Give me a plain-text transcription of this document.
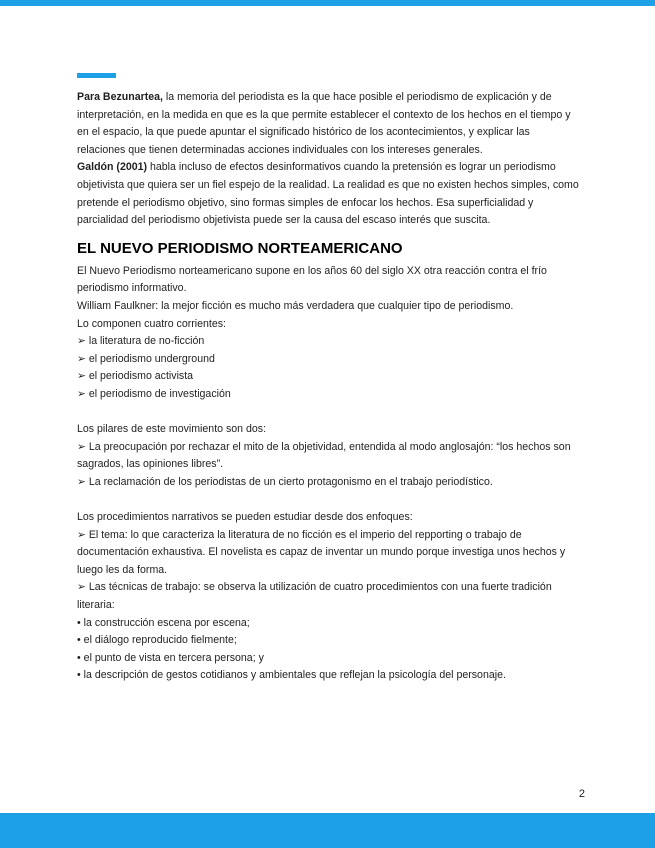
Para Bezunartea, la memoria del periodista es la que hace posible el periodismo de explicación y de interpretación, en la medida en que es la que permite establecer el contexto de los hechos en el tiempo y en el espacio, la que puede apuntar el significado histórico de los acontecimientos, y explicar las relaciones que tienen determinadas acciones individuales con los intereses generales.

Galdón (2001) habla incluso de efectos desinformativos cuando la pretensión es lograr un periodismo objetivista que quiera ser un fiel espejo de la realidad. La realidad es que no existen hechos simples, como pretende el periodismo objetivo, sino formas simples de enfocar los hechos. Esa superficialidad y parcialidad del periodismo objetivista puede ser la causa del escaso interés que suscita.

EL NUEVO PERIODISMO NORTEAMERICANO

El Nuevo Periodismo norteamericano supone en los años 60 del siglo XX otra reacción contra el frío periodismo informativo.

William Faulkner: la mejor ficción es mucho más verdadera que cualquier tipo de periodismo.

Lo componen cuatro corrientes:

➢ la literatura de no-ficción

➢ el periodismo underground

➢ el periodismo activista

➢ el periodismo de investigación

Los pilares de este movimiento son dos:

➢ La preocupación por rechazar el mito de la objetividad, entendida al modo anglosajón: “los hechos son sagrados, las opiniones libres”.

➢ La reclamación de los periodistas de un cierto protagonismo en el trabajo periodístico.

Los procedimientos narrativos se pueden estudiar desde dos enfoques:

➢ El tema: lo que caracteriza la literatura de no ficción es el imperio del repporting o trabajo de documentación exhaustiva. El novelista es capaz de inventar un mundo porque investiga unos hechos y luego les da forma.

➢ Las técnicas de trabajo: se observa la utilización de cuatro procedimientos con una fuerte tradición literaria:

• la construcción escena por escena;

• el diálogo reproducido fielmente;

• el punto de vista en tercera persona; y

• la descripción de gestos cotidianos y ambientales que reflejan la psicología del personaje.

2
